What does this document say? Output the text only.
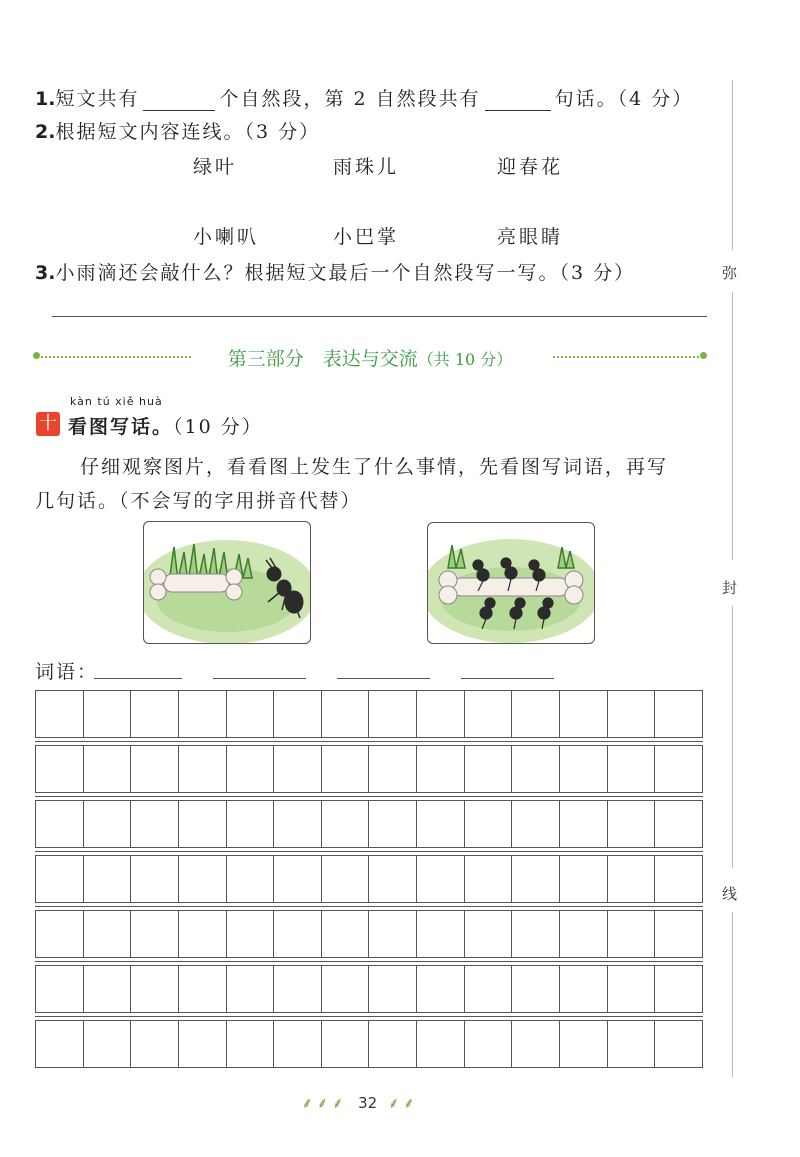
1.短文共有	个自然段，第 2 自然段共有	句话。（4 分）
2.根据短文内容连线。（3 分）
绿叶	雨珠儿	迎春花
小喇叭	小巴掌	亮眼睛
3.小雨滴还会敲什么？根据短文最后一个自然段写一写。（3 分）
第三部分　表达与交流（共 10 分）
kàn tú xiě huà
十 看图写话。（10 分）
仔细观察图片，看看图上发生了什么事情，先看图写词语，再写
几句话。（不会写的字用拼音代替）
词语：
弥
封
线
⸙⸙⸙ 32 ⸙⸙
